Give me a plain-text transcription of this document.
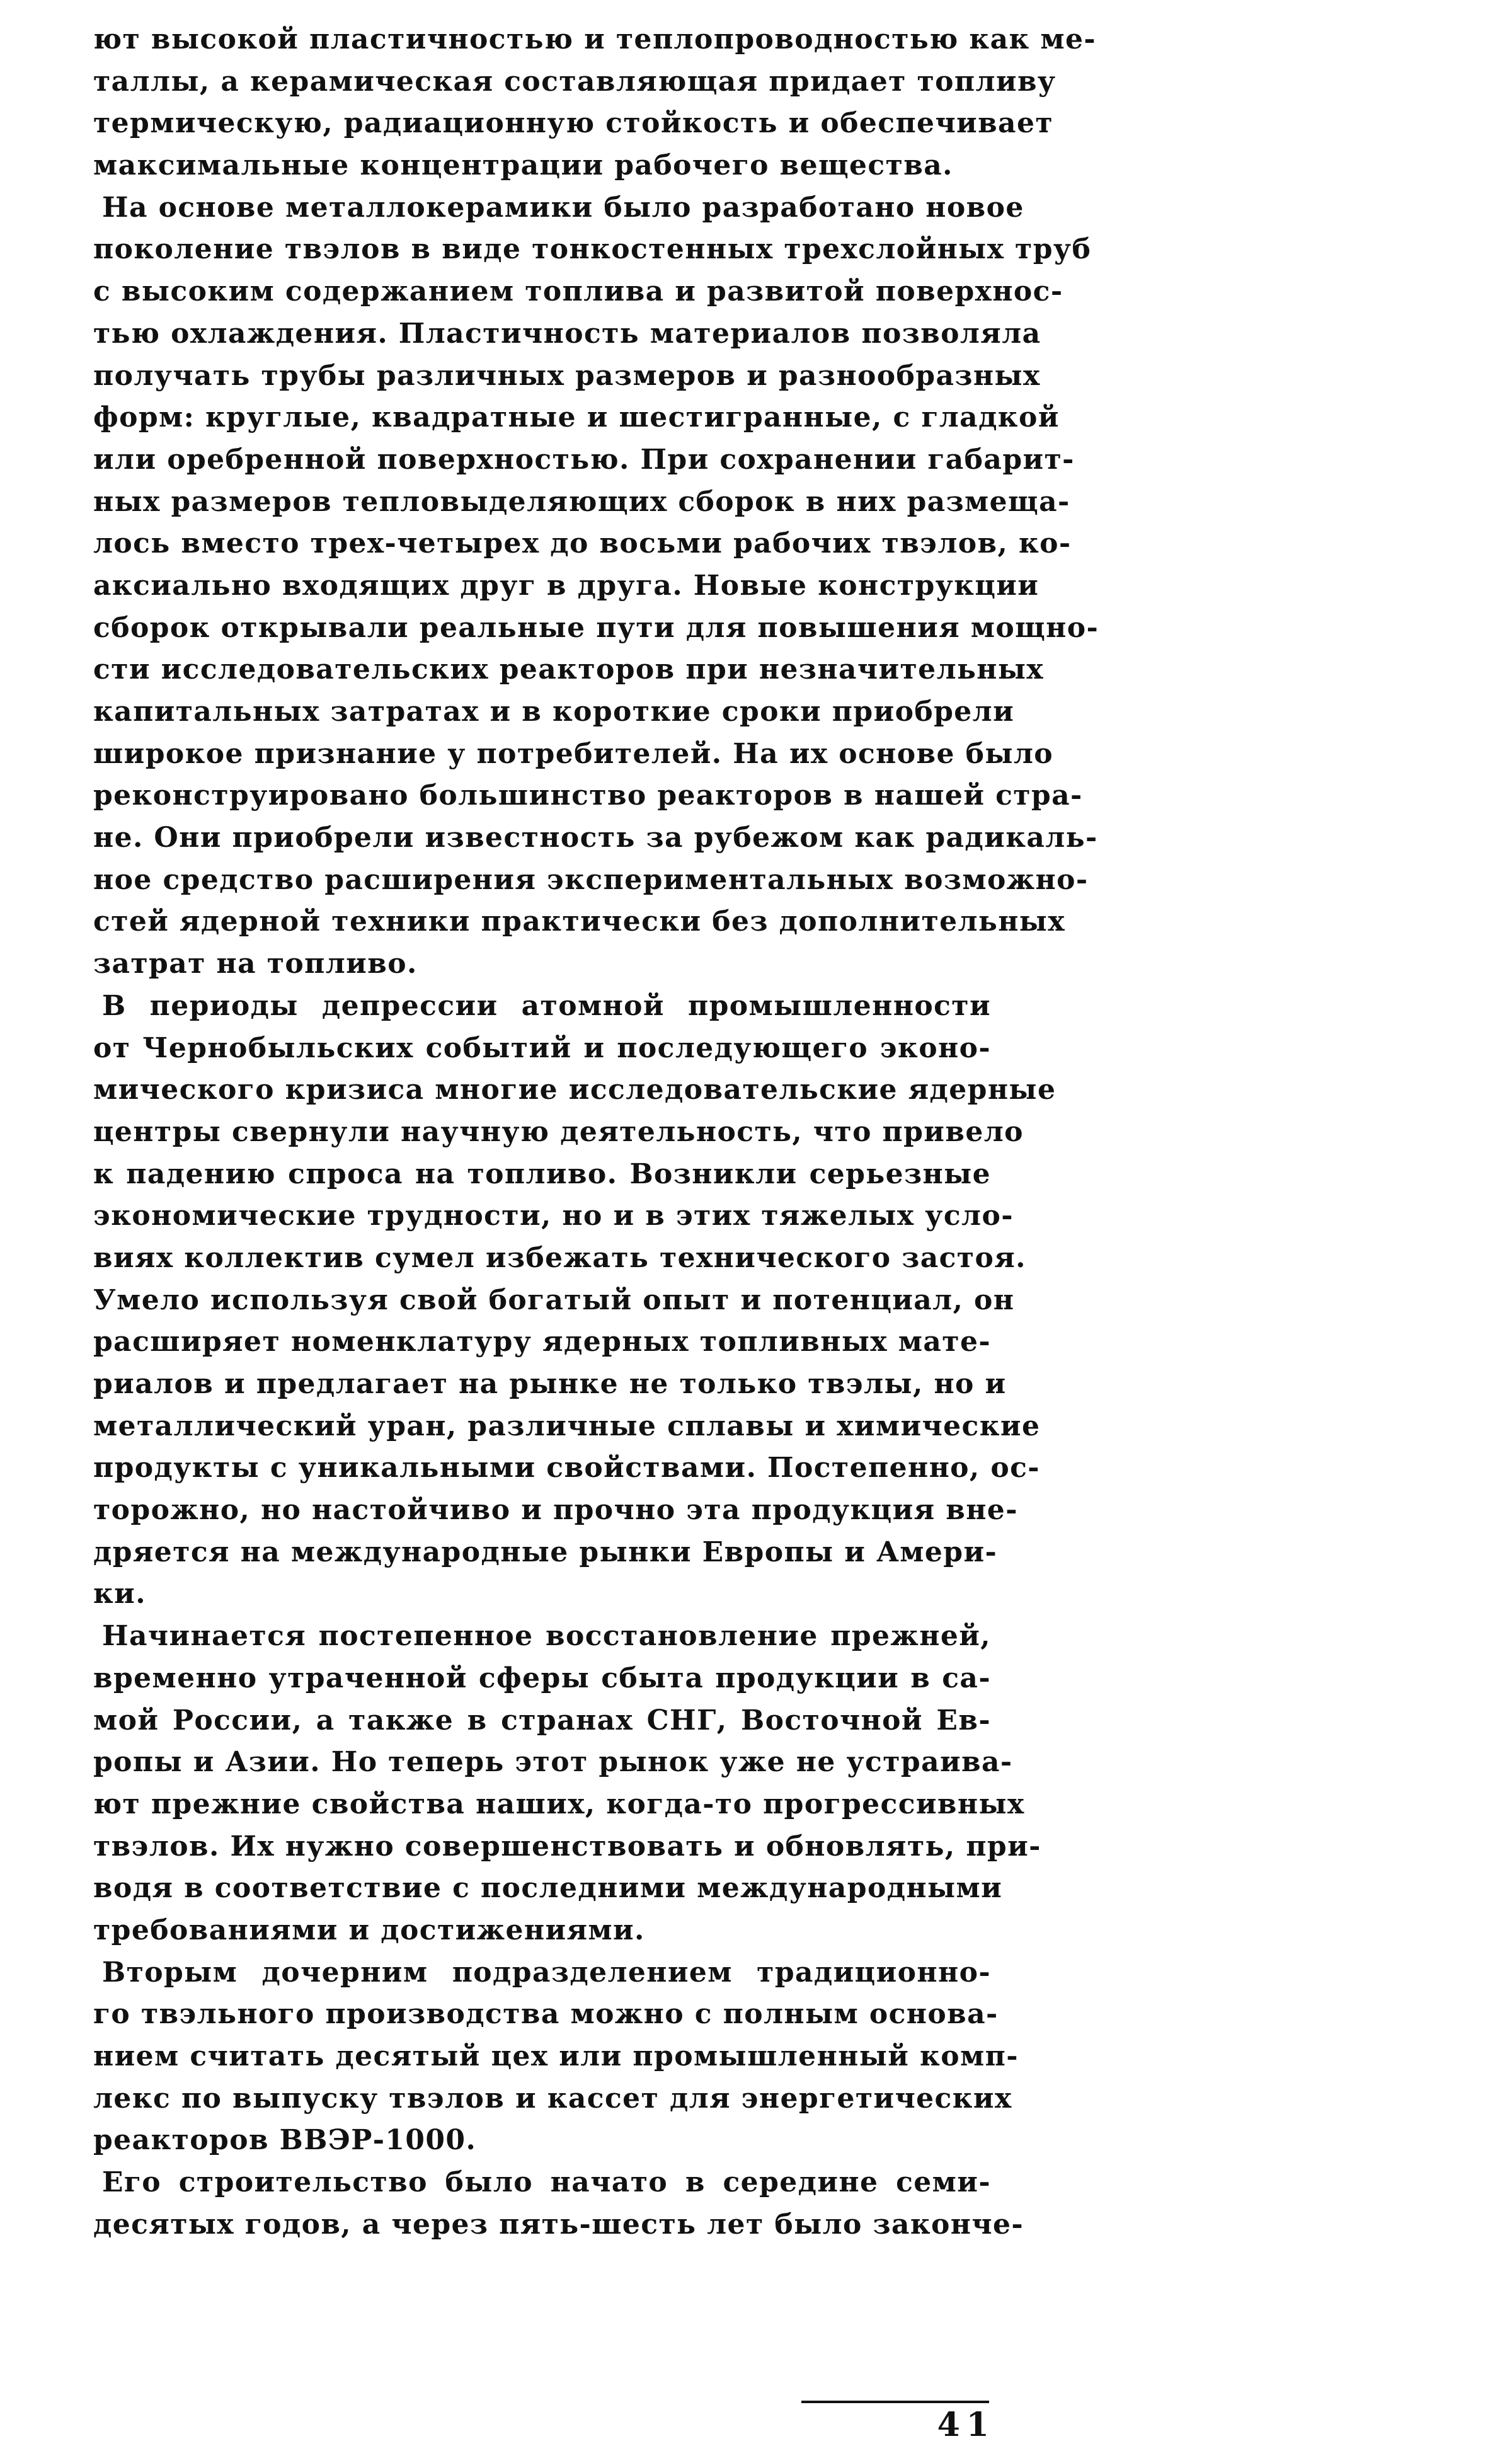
ют высокой пластичностью и теплопроводностью как ме-
таллы, а керамическая составляющая придает топливу
термическую, радиационную стойкость и обеспечивает
максимальные концентрации рабочего вещества.
На основе металлокерамики было разработано новое
поколение твэлов в виде тонкостенных трехслойных труб
с высоким содержанием топлива и развитой поверхнос-
тью охлаждения. Пластичность материалов позволяла
получать трубы различных размеров и разнообразных
форм: круглые, квадратные и шестигранные, с гладкой
или оребренной поверхностью. При сохранении габарит-
ных размеров тепловыделяющих сборок в них размеща-
лось вместо трех-четырех до восьми рабочих твэлов, ко-
аксиально входящих друг в друга. Новые конструкции
сборок открывали реальные пути для повышения мощно-
сти исследовательских реакторов при незначительных
капитальных затратах и в короткие сроки приобрели
широкое признание у потребителей. На их основе было
реконструировано большинство реакторов в нашей стра-
не. Они приобрели известность за рубежом как радикаль-
ное средство расширения экспериментальных возможно-
стей ядерной техники практически без дополнительных
затрат на топливо.
В периоды депрессии атомной промышленности
от Чернобыльских событий и последующего эконо-
мического кризиса многие исследовательские ядерные
центры свернули научную деятельность, что привело
к падению спроса на топливо. Возникли серьезные
экономические трудности, но и в этих тяжелых усло-
виях коллектив сумел избежать технического застоя.
Умело используя свой богатый опыт и потенциал, он
расширяет номенклатуру ядерных топливных мате-
риалов и предлагает на рынке не только твэлы, но и
металлический уран, различные сплавы и химические
продукты с уникальными свойствами. Постепенно, ос-
торожно, но настойчиво и прочно эта продукция вне-
дряется на международные рынки Европы и Амери-
ки.
Начинается постепенное восстановление прежней,
временно утраченной сферы сбыта продукции в са-
мой России, а также в странах СНГ, Восточной Ев-
ропы и Азии. Но теперь этот рынок уже не устраива-
ют прежние свойства наших, когда-то прогрессивных
твэлов. Их нужно совершенствовать и обновлять, при-
водя в соответствие с последними международными
требованиями и достижениями.
Вторым дочерним подразделением традиционно-
го твэльного производства можно с полным основа-
нием считать десятый цех или промышленный комп-
лекс по выпуску твэлов и кассет для энергетических
реакторов ВВЭР-1000.
Его строительство было начато в середине семи-
десятых годов, а через пять-шесть лет было законче-
41
